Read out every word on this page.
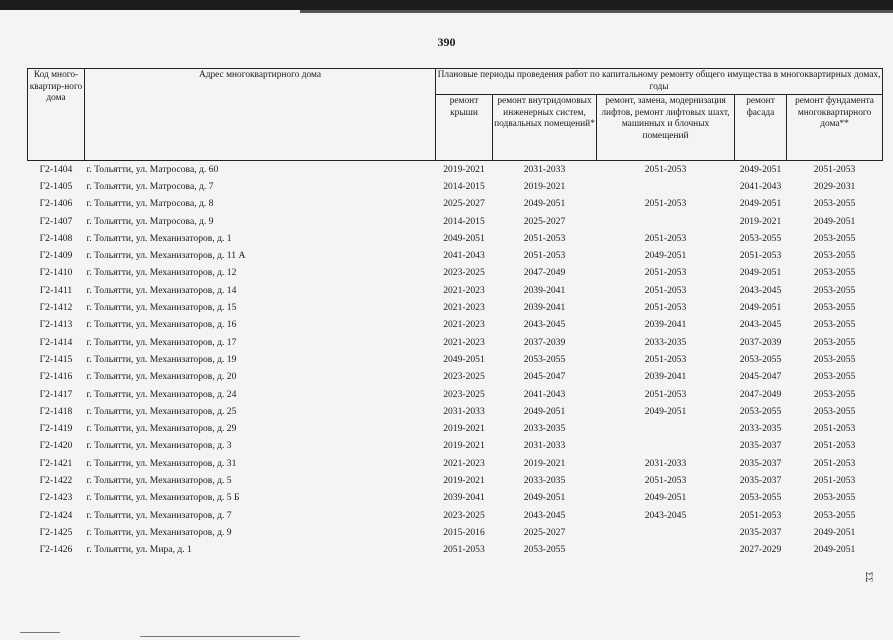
390
Код много-квартир-ного дома	Адрес многоквартирного дома	Плановые периоды проведения работ по капитальному ремонту общего имущества в многоквартирных домах, годы				
		ремонт крыши	ремонт внутридомовых инженерных систем, подвальных помещений*	ремонт, замена, модернизация лифтов, ремонт лифтовых шахт, машинных и блочных помещений	ремонт фасада	ремонт фундамента многоквартирного дома**
Г2-1404	г. Тольятти, ул. Матросова, д. 60	2019-2021	2031-2033	2051-2053	2049-2051	2051-2053
Г2-1405	г. Тольятти, ул. Матросова, д. 7	2014-2015	2019-2021		2041-2043	2029-2031
Г2-1406	г. Тольятти, ул. Матросова, д. 8	2025-2027	2049-2051	2051-2053	2049-2051	2053-2055
Г2-1407	г. Тольятти, ул. Матросова, д. 9	2014-2015	2025-2027		2019-2021	2049-2051
Г2-1408	г. Тольятти, ул. Механизаторов, д. 1	2049-2051	2051-2053	2051-2053	2053-2055	2053-2055
Г2-1409	г. Тольятти, ул. Механизаторов, д. 11 А	2041-2043	2051-2053	2049-2051	2051-2053	2053-2055
Г2-1410	г. Тольятти, ул. Механизаторов, д. 12	2023-2025	2047-2049	2051-2053	2049-2051	2053-2055
Г2-1411	г. Тольятти, ул. Механизаторов, д. 14	2021-2023	2039-2041	2051-2053	2043-2045	2053-2055
Г2-1412	г. Тольятти, ул. Механизаторов, д. 15	2021-2023	2039-2041	2051-2053	2049-2051	2053-2055
Г2-1413	г. Тольятти, ул. Механизаторов, д. 16	2021-2023	2043-2045	2039-2041	2043-2045	2053-2055
Г2-1414	г. Тольятти, ул. Механизаторов, д. 17	2021-2023	2037-2039	2033-2035	2037-2039	2053-2055
Г2-1415	г. Тольятти, ул. Механизаторов, д. 19	2049-2051	2053-2055	2051-2053	2053-2055	2053-2055
Г2-1416	г. Тольятти, ул. Механизаторов, д. 20	2023-2025	2045-2047	2039-2041	2045-2047	2053-2055
Г2-1417	г. Тольятти, ул. Механизаторов, д. 24	2023-2025	2041-2043	2051-2053	2047-2049	2053-2055
Г2-1418	г. Тольятти, ул. Механизаторов, д. 25	2031-2033	2049-2051	2049-2051	2053-2055	2053-2055
Г2-1419	г. Тольятти, ул. Механизаторов, д. 29	2019-2021	2033-2035		2033-2035	2051-2053
Г2-1420	г. Тольятти, ул. Механизаторов, д. 3	2019-2021	2031-2033		2035-2037	2051-2053
Г2-1421	г. Тольятти, ул. Механизаторов, д. 31	2021-2023	2019-2021	2031-2033	2035-2037	2051-2053
Г2-1422	г. Тольятти, ул. Механизаторов, д. 5	2019-2021	2033-2035	2051-2053	2035-2037	2051-2053
Г2-1423	г. Тольятти, ул. Механизаторов, д. 5 Б	2039-2041	2049-2051	2049-2051	2053-2055	2053-2055
Г2-1424	г. Тольятти, ул. Механизаторов, д. 7	2023-2025	2043-2045	2043-2045	2051-2053	2053-2055
Г2-1425	г. Тольятти, ул. Механизаторов, д. 9	2015-2016	2025-2027		2035-2037	2049-2051
Г2-1426	г. Тольятти, ул. Мира, д. 1	2051-2053	2053-2055		2027-2029	2049-2051
ΣΣ
